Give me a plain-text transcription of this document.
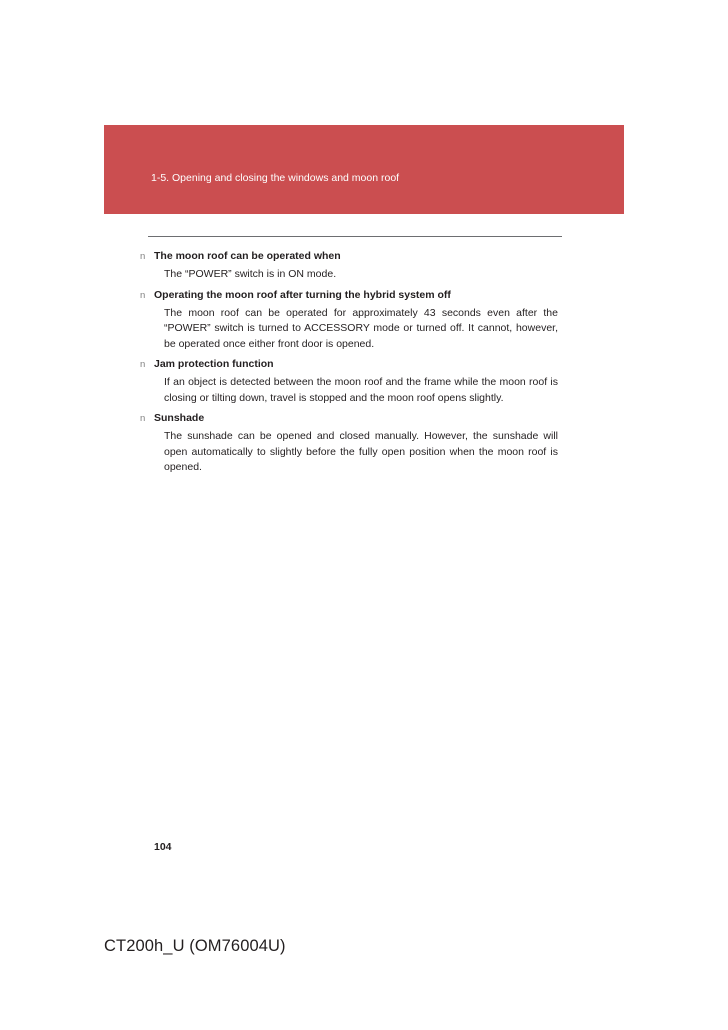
1-5. Opening and closing the windows and moon roof

n The moon roof can be operated when

The “POWER” switch is in ON mode.

n Operating the moon roof after turning the hybrid system off

The moon roof can be operated for approximately 43 seconds even after the “POWER” switch is turned to ACCESSORY mode or turned off. It cannot, however, be operated once either front door is opened.

n Jam protection function

If an object is detected between the moon roof and the frame while the moon roof is closing or tilting down, travel is stopped and the moon roof opens slightly.

n Sunshade

The sunshade can be opened and closed manually. However, the sunshade will open automatically to slightly before the fully open position when the moon roof is opened.

104
CT200h_U (OM76004U)
